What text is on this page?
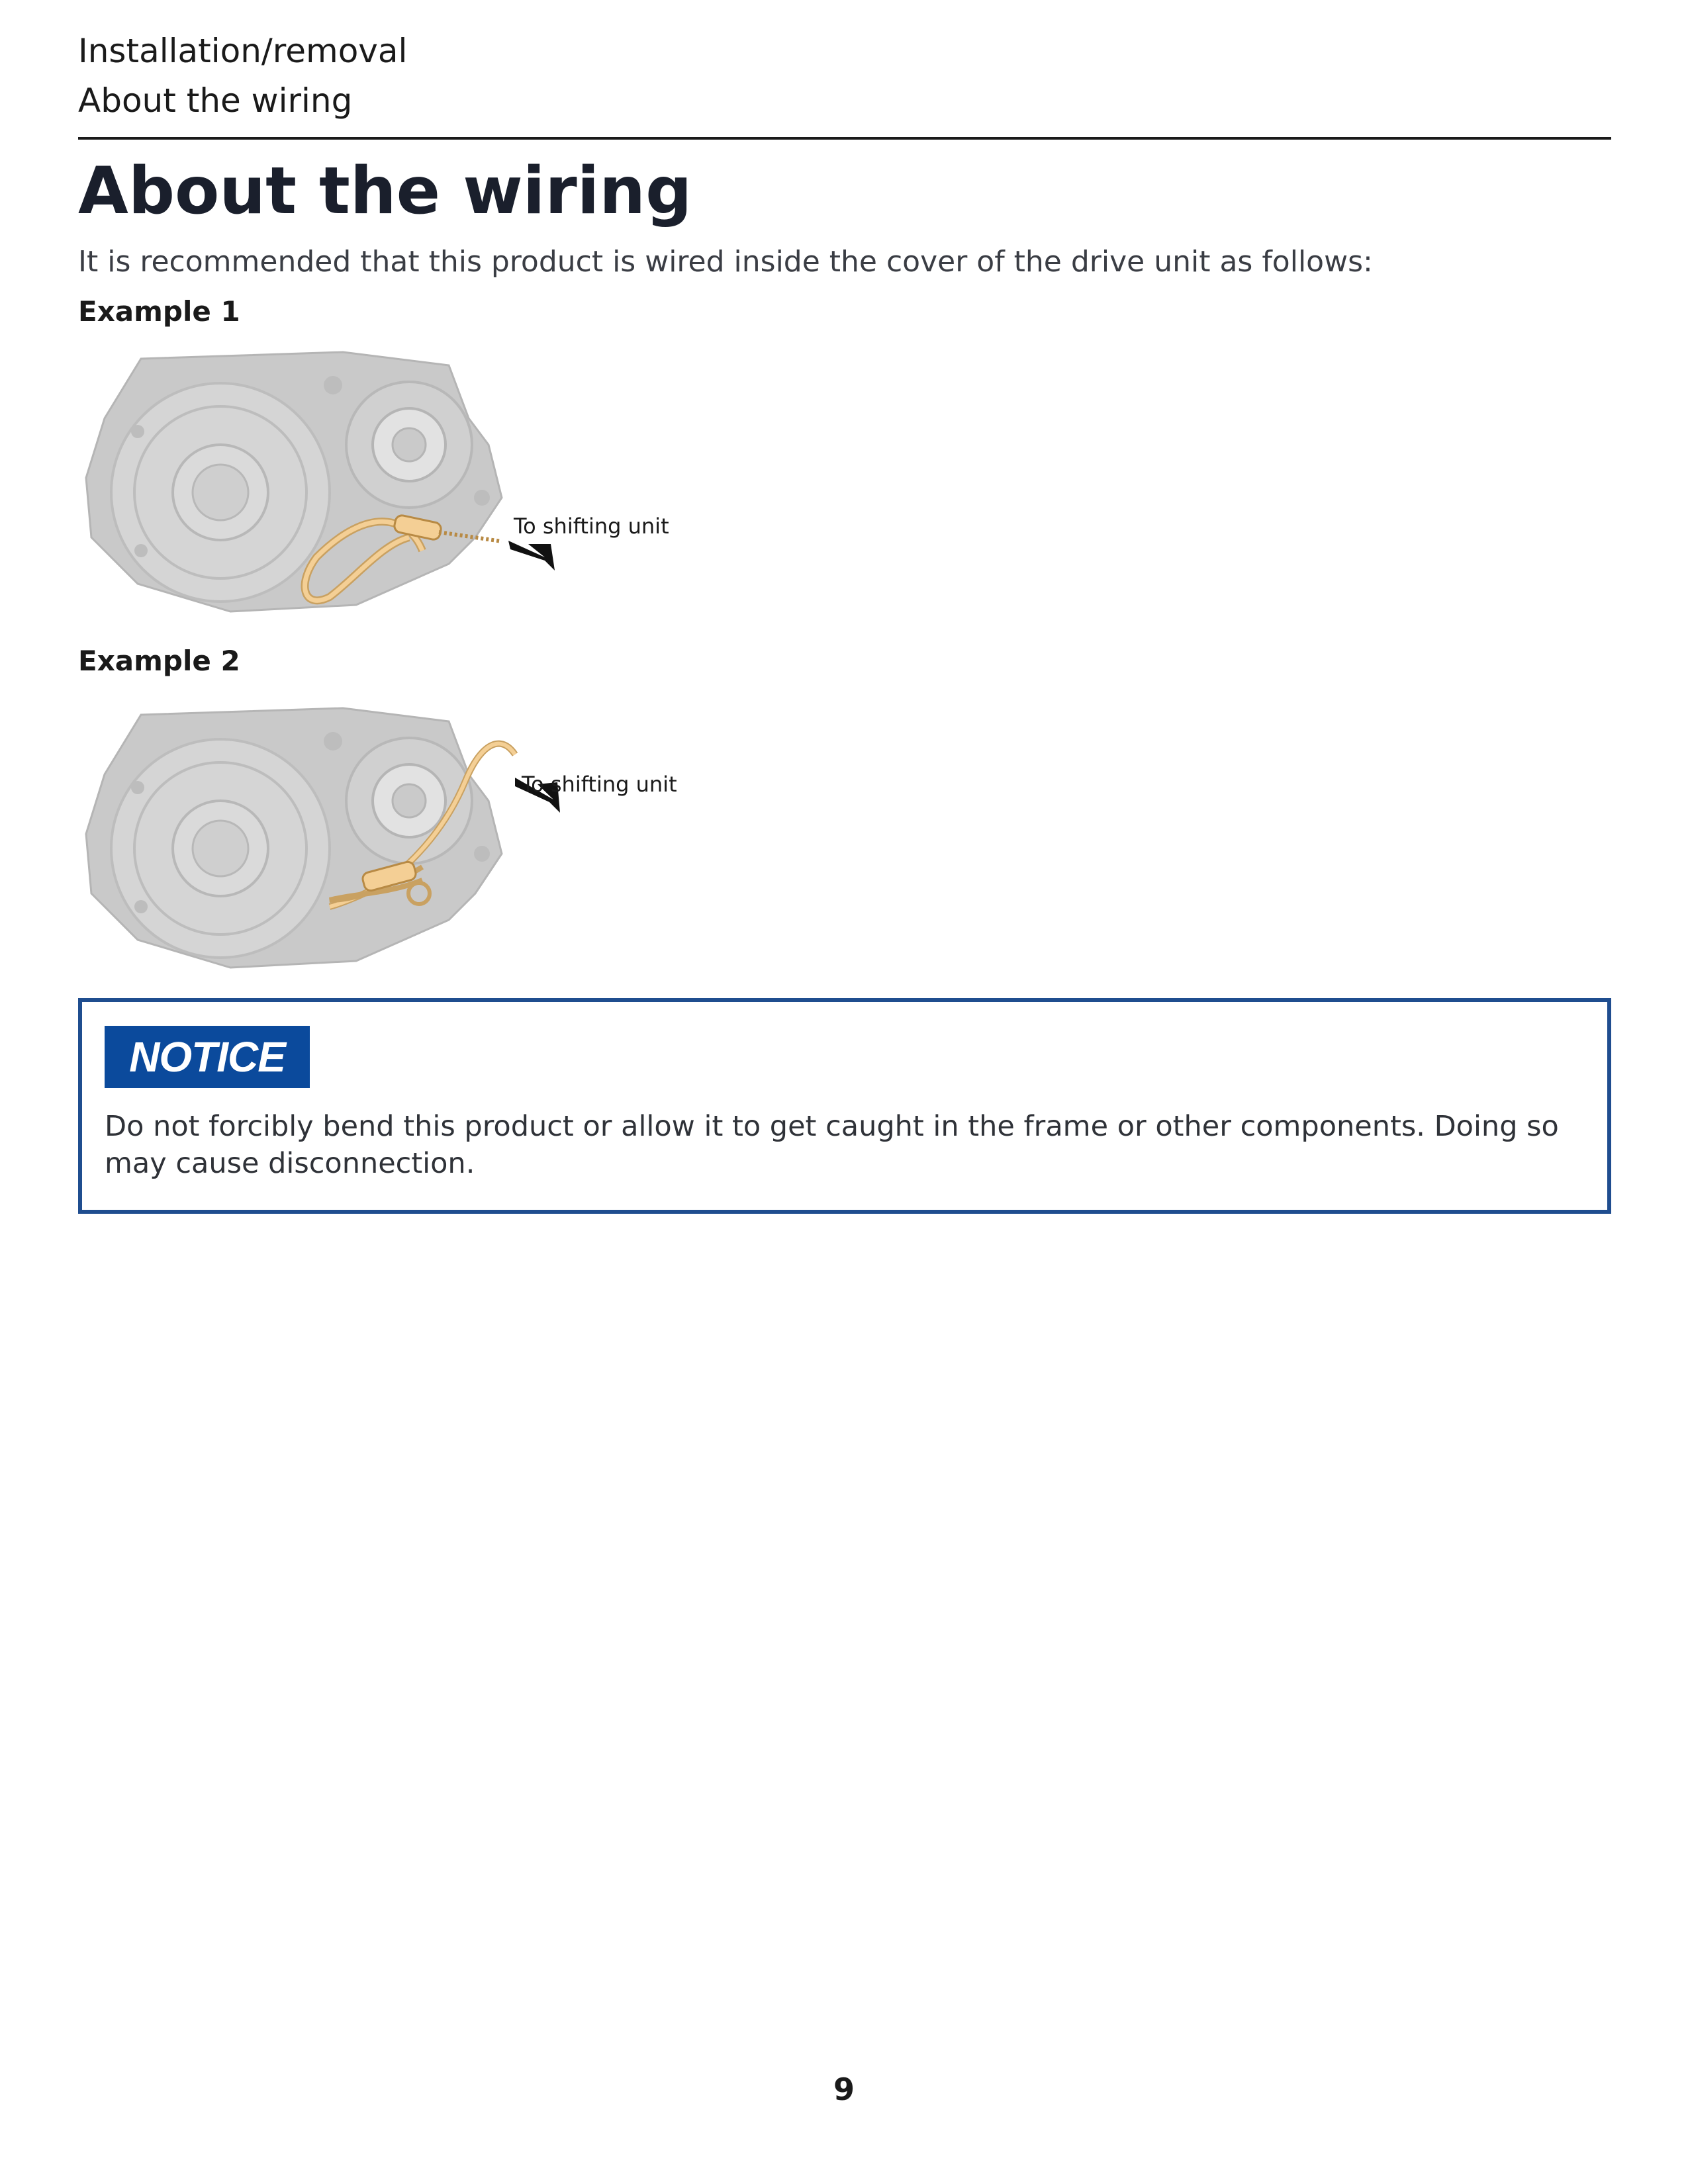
Installation/removal
About the wiring
About the wiring
It is recommended that this product is wired inside the cover of the drive unit as follows:
Example 1
To shifting unit
Example 2
To shifting unit
NOTICE
Do not forcibly bend this product or allow it to get caught in the frame or other components. Doing so may cause disconnection.
9
